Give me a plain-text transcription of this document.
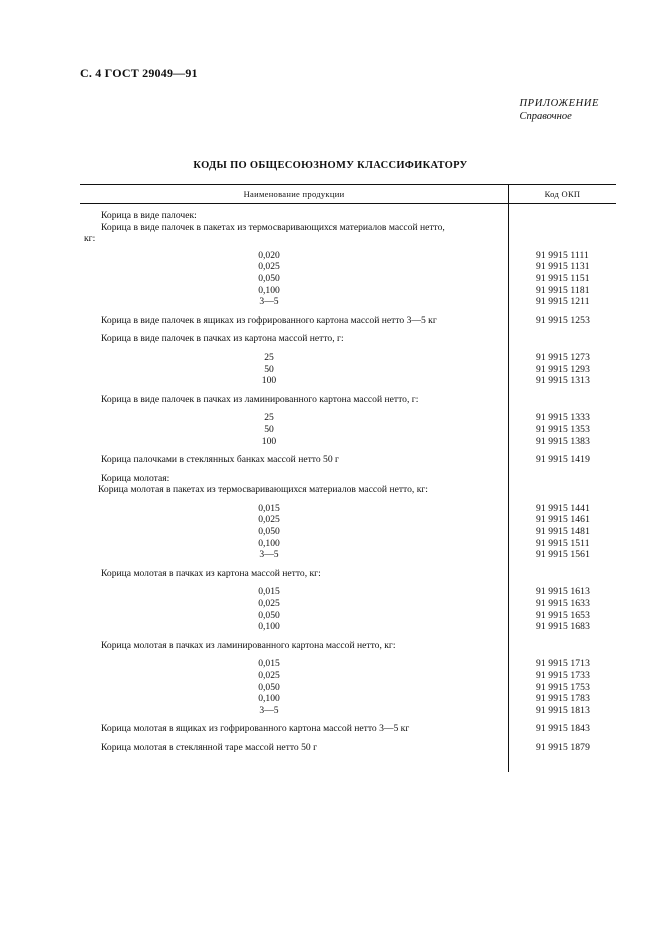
С. 4 ГОСТ 29049—91
ПРИЛОЖЕНИЕ
Справочное
КОДЫ ПО ОБЩЕСОЮЗНОМУ КЛАССИФИКАТОРУ
Наименование продукции	Код ОКП
Корица в виде палочек:
Корица в виде палочек в пакетах из термосваривающихся материалов массой нетто,
кг:
0,020
0,025
0,050
0,100
3—5
Корица в виде палочек в ящиках из гофрированного картона массой нетто 3—5 кг
Корица в виде палочек в пачках из картона массой нетто, г:
25
50
100
Корица в виде палочек в пачках из ламинированного картона массой нетто, г:
25
50
100
Корица палочками в стеклянных банках массой нетто 50 г
Корица молотая:
Корица молотая в пакетах из термосваривающихся материалов массой нетто, кг:
0,015
0,025
0,050
0,100
3—5
Корица молотая в пачках из картона массой нетто, кг:
0,015
0,025
0,050
0,100
Корица молотая в пачках из ламинированного картона массой нетто, кг:
0,015
0,025
0,050
0,100
3—5
Корица молотая в ящиках из гофрированного картона массой нетто 3—5 кг
Корица молотая в стеклянной таре массой нетто 50 г
91 9915 1111
91 9915 1131
91 9915 1151
91 9915 1181
91 9915 1211
91 9915 1253
91 9915 1273
91 9915 1293
91 9915 1313
91 9915 1333
91 9915 1353
91 9915 1383
91 9915 1419
91 9915 1441
91 9915 1461
91 9915 1481
91 9915 1511
91 9915 1561
91 9915 1613
91 9915 1633
91 9915 1653
91 9915 1683
91 9915 1713
91 9915 1733
91 9915 1753
91 9915 1783
91 9915 1813
91 9915 1843
91 9915 1879
